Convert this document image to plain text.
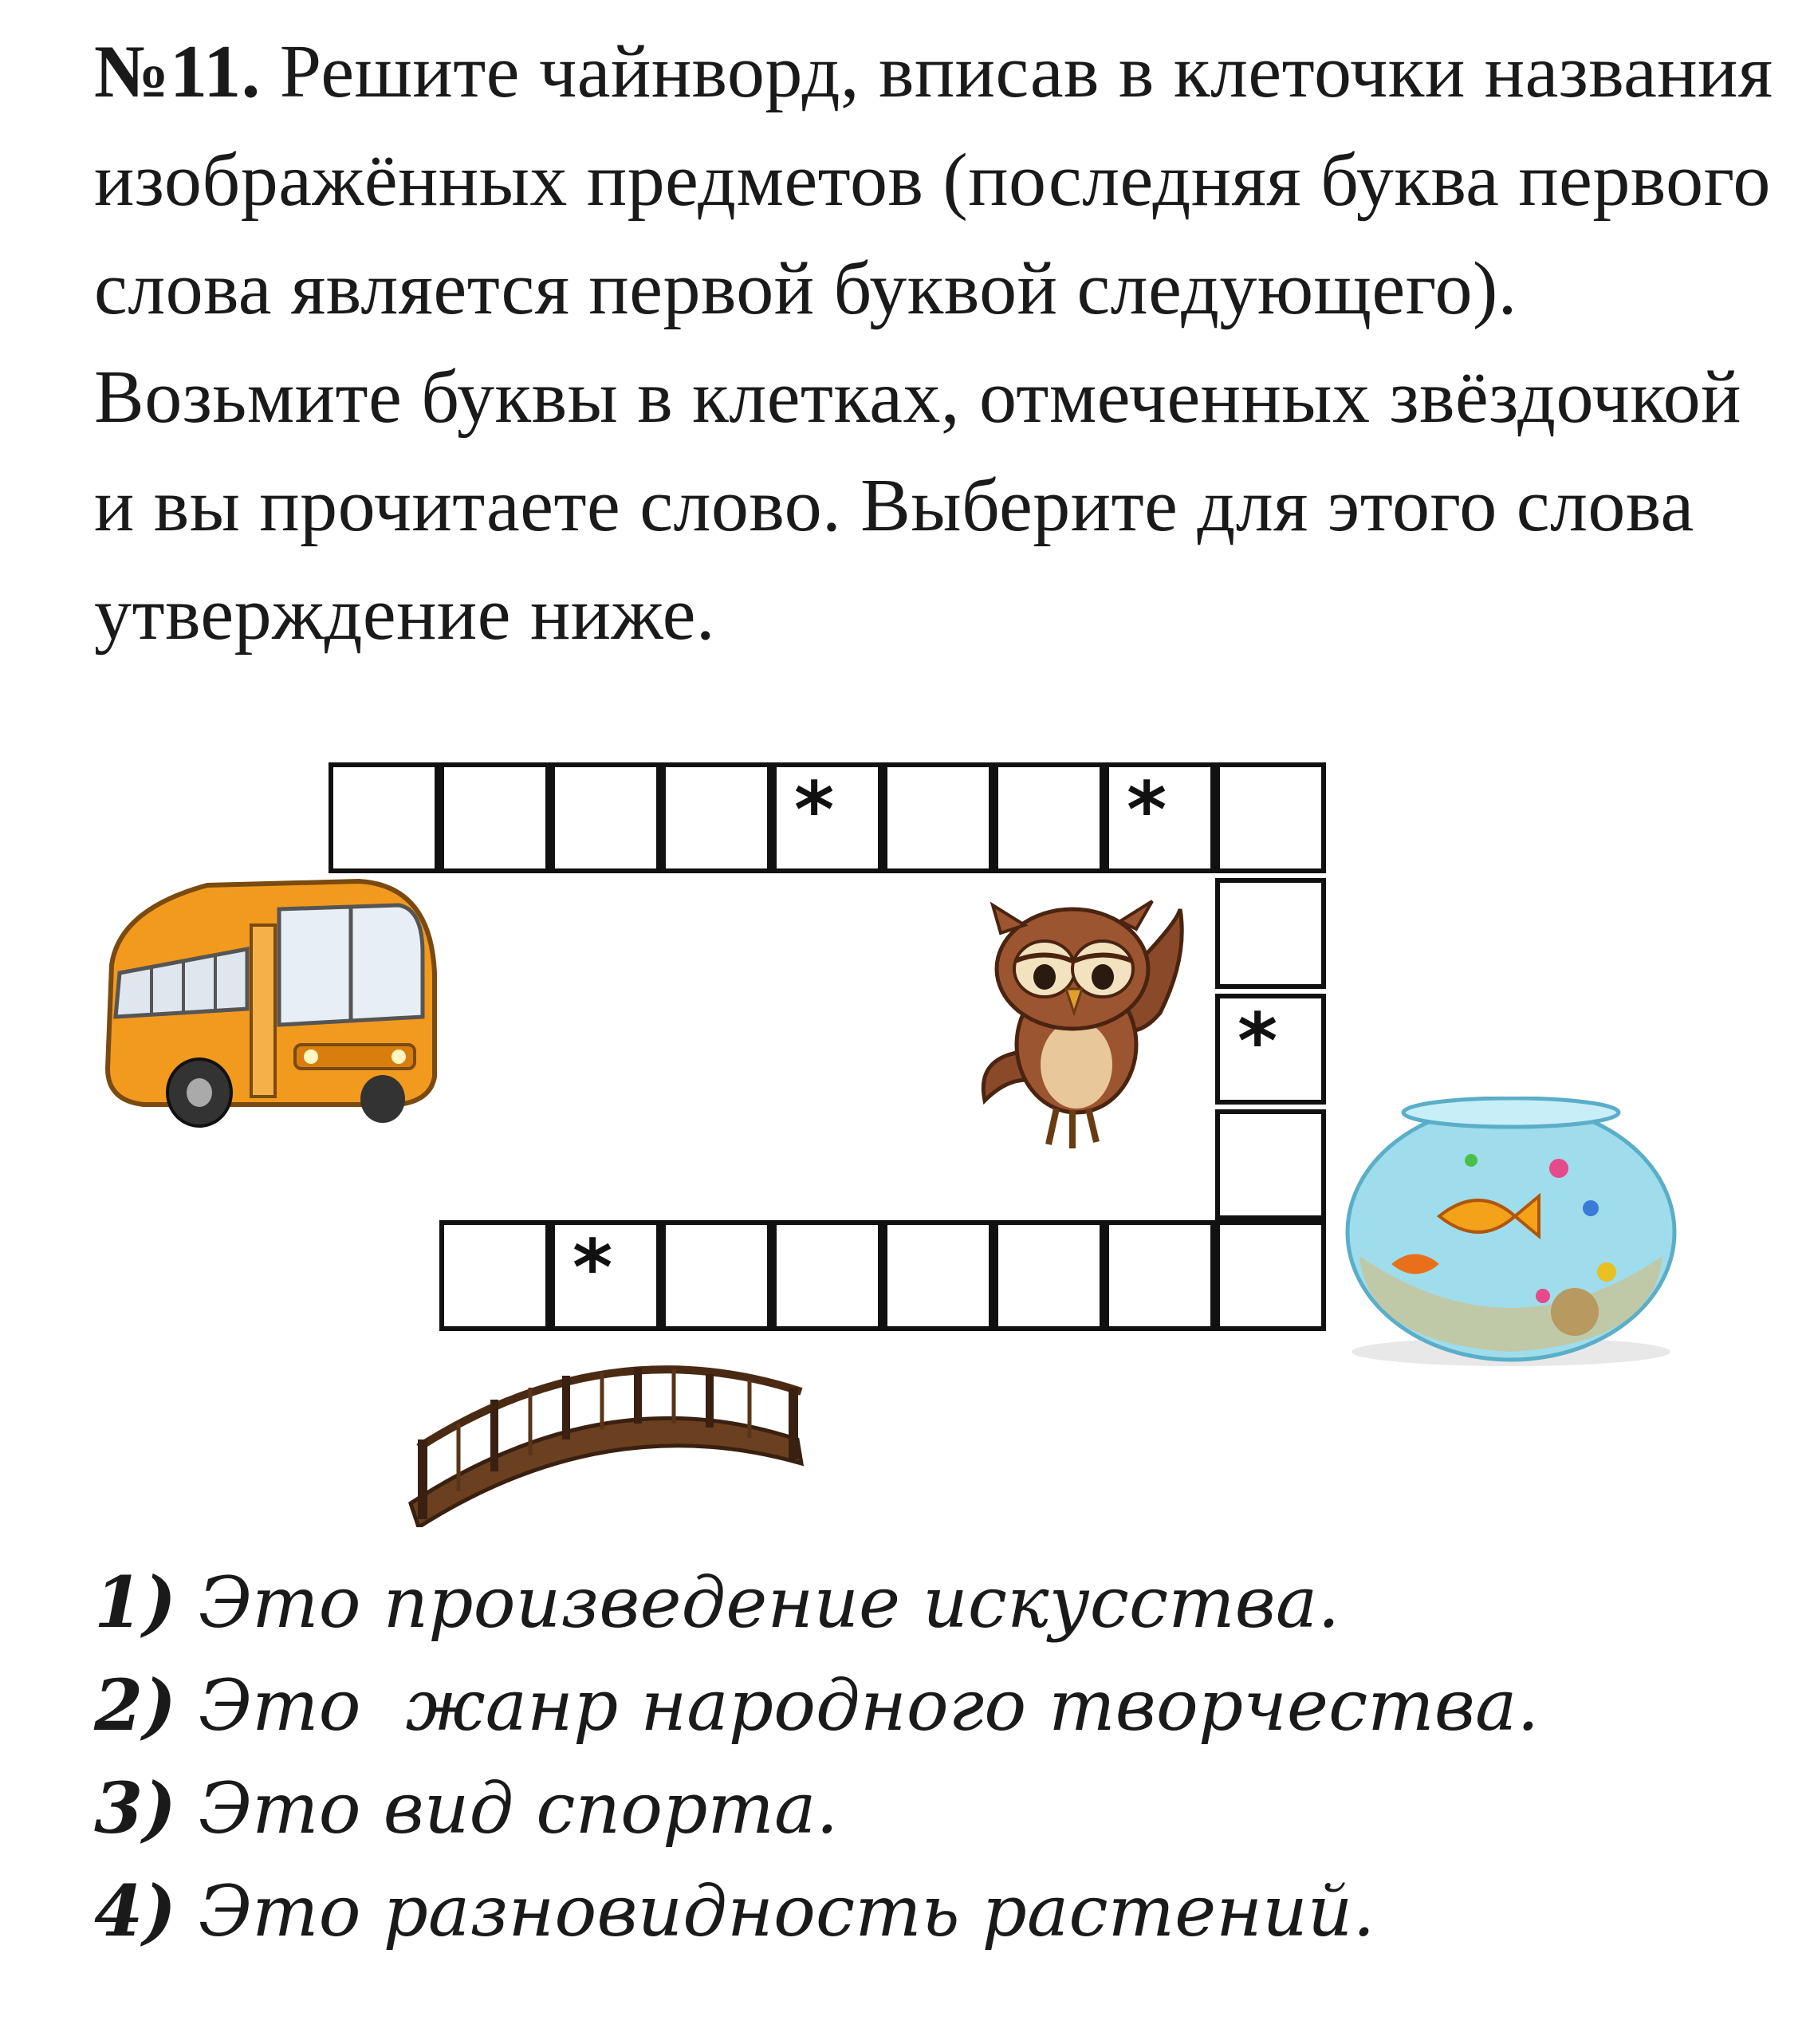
№11. Решите чайнворд, вписав в клеточки названия изображённых предметов (последняя буква первого слова является первой буквой следующего). Возьмите буквы в клетках, отмеченных звёздочкой и вы прочитаете слово. Выберите для этого слова утверждение ниже.
*	*
*
*
1) Это произведение искусства.
2) Это  жанр народного творчества.
3) Это вид спорта.
4) Это разновидность растений.
